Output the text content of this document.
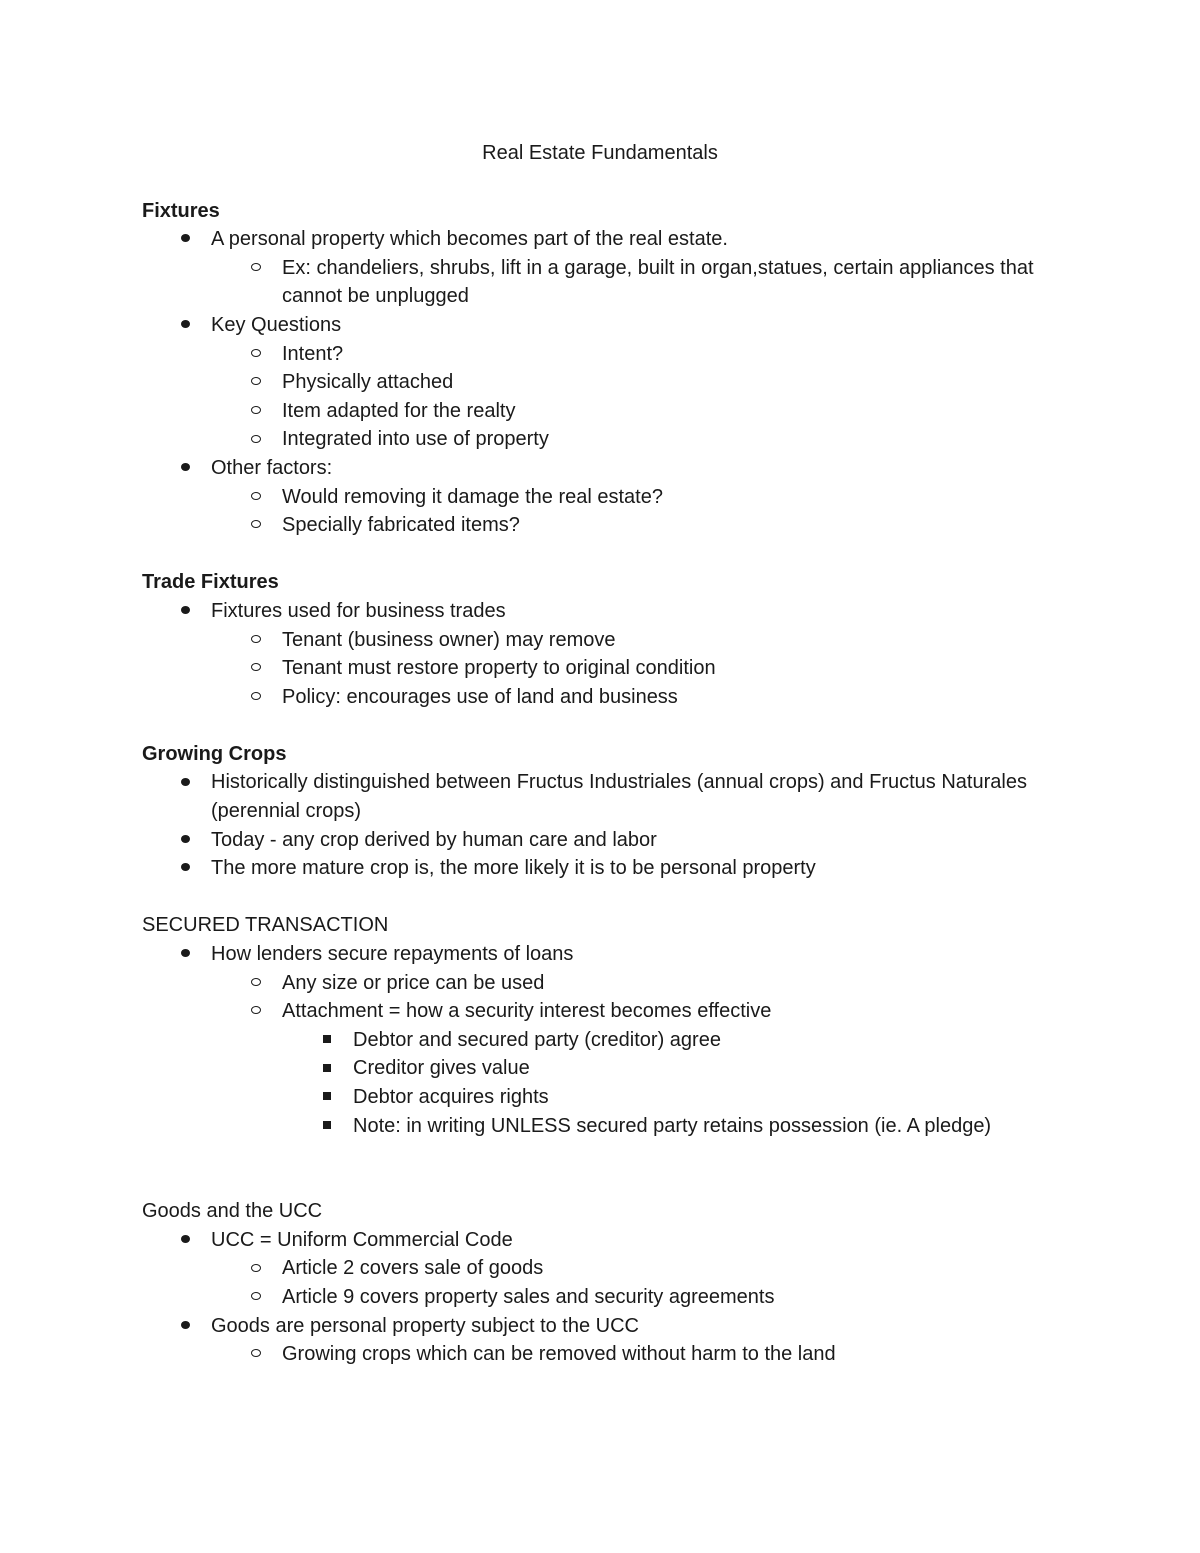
Real Estate Fundamentals
Fixtures
A personal property which becomes part of the real estate.
Ex: chandeliers, shrubs, lift in a garage, built in organ,statues, certain appliances that cannot be unplugged
Key Questions
Intent?
Physically attached
Item adapted for the realty
Integrated into use of property
Other factors:
Would removing it damage the real estate?
Specially fabricated items?
Trade Fixtures
Fixtures used for business trades
Tenant (business owner) may remove
Tenant must restore property to original condition
Policy: encourages use of land and business
Growing Crops
Historically distinguished between Fructus Industriales (annual crops) and Fructus Naturales (perennial crops)
Today - any crop derived by human care and labor
The more mature crop is, the more likely it is to be personal property
SECURED TRANSACTION
How lenders secure repayments of loans
Any size or price can be used
Attachment = how a security interest becomes effective
Debtor and secured party (creditor) agree
Creditor gives value
Debtor acquires rights
Note: in writing UNLESS secured party retains possession (ie. A pledge)
Goods and the UCC
UCC = Uniform Commercial Code
Article 2 covers sale of goods
Article 9 covers property sales and security agreements
Goods are personal property subject to the UCC
Growing crops which can be removed without harm to the land
